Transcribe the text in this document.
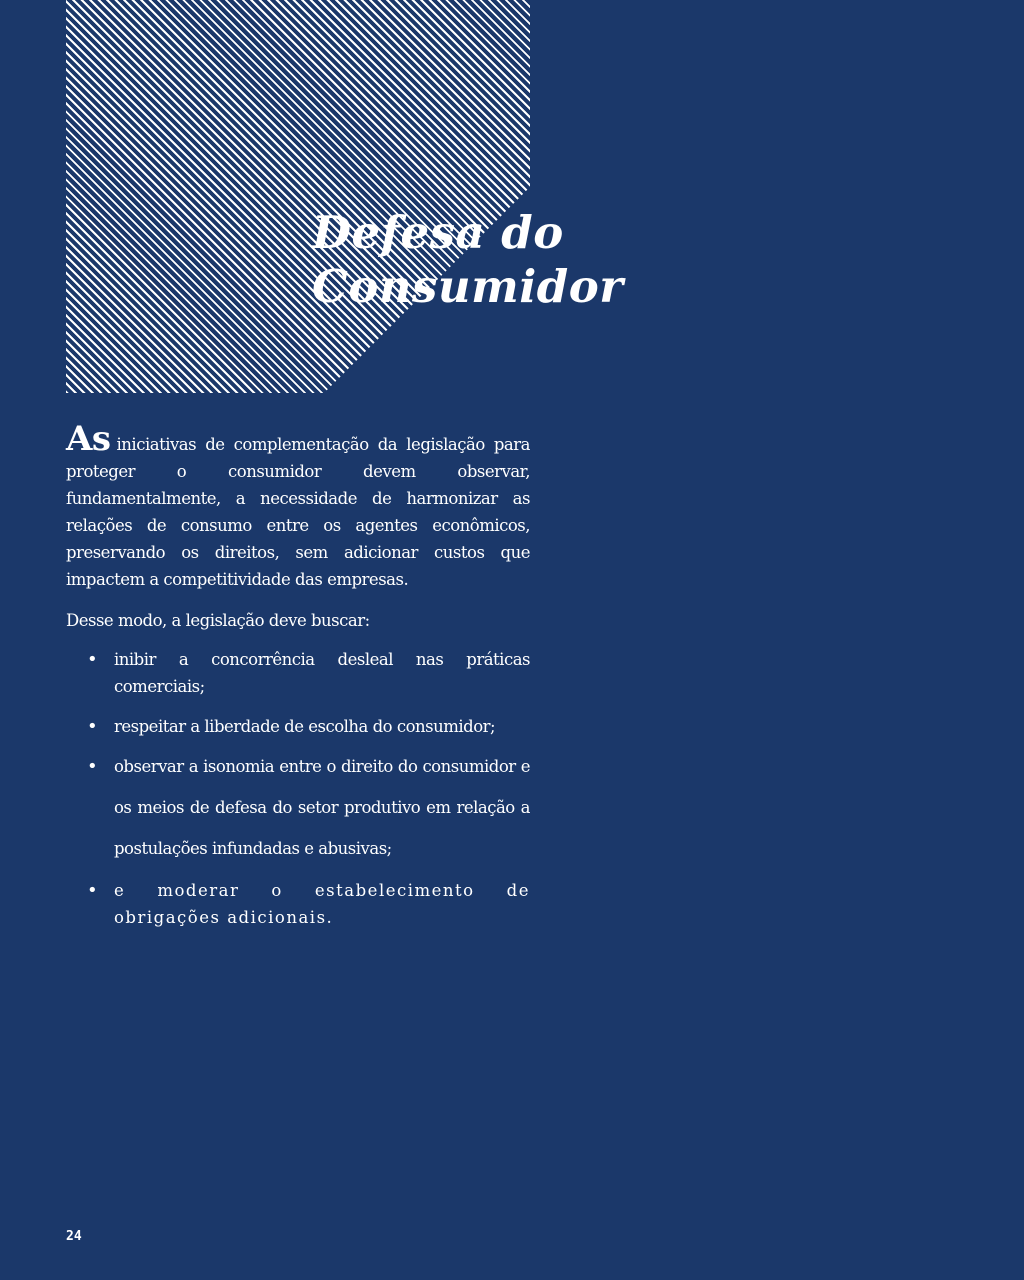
Defesa do
Consumidor

As iniciativas de complementação da legislação para proteger o consumidor devem observar, fundamentalmente, a necessidade de harmonizar as relações de consumo entre os agentes econômicos, preservando os direitos, sem adicionar custos que impactem a competitividade das empresas.

Desse modo, a legislação deve buscar:

• inibir a concorrência desleal nas práticas comerciais;
• respeitar a liberdade de escolha do consumidor;
• observar a isonomia entre o direito do consumidor e os meios de defesa do setor produtivo em relação a postulações infundadas e abusivas;
• e moderar o estabelecimento de obrigações adicionais.
24
